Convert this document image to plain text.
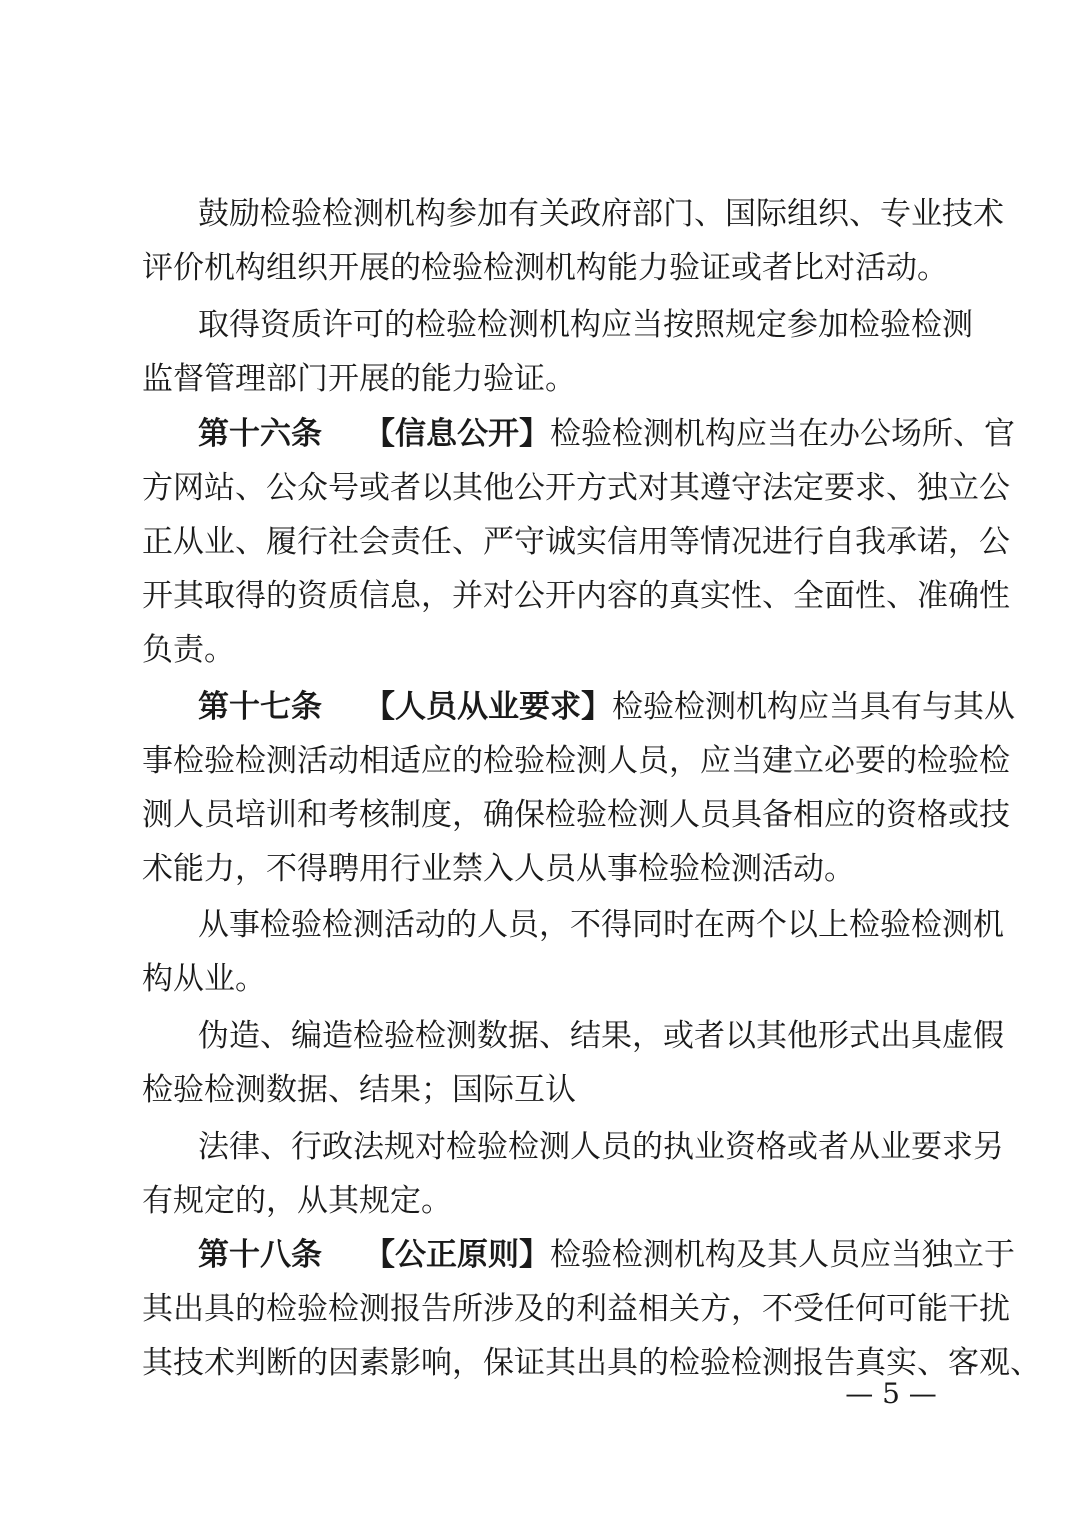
鼓励检验检测机构参加有关政府部门、国际组织、专业技术
评价机构组织开展的检验检测机构能力验证或者比对活动。
取得资质许可的检验检测机构应当按照规定参加检验检测
监督管理部门开展的能力验证。
第十六条 【信息公开】检验检测机构应当在办公场所、官
方网站、公众号或者以其他公开方式对其遵守法定要求、独立公
正从业、履行社会责任、严守诚实信用等情况进行自我承诺，公
开其取得的资质信息，并对公开内容的真实性、全面性、准确性
负责。
第十七条 【人员从业要求】检验检测机构应当具有与其从
事检验检测活动相适应的检验检测人员，应当建立必要的检验检
测人员培训和考核制度，确保检验检测人员具备相应的资格或技
术能力，不得聘用行业禁入人员从事检验检测活动。
从事检验检测活动的人员，不得同时在两个以上检验检测机
构从业。
伪造、编造检验检测数据、结果，或者以其他形式出具虚假
检验检测数据、结果；国际互认
法律、行政法规对检验检测人员的执业资格或者从业要求另
有规定的，从其规定。
第十八条 【公正原则】检验检测机构及其人员应当独立于
其出具的检验检测报告所涉及的利益相关方，不受任何可能干扰
其技术判断的因素影响，保证其出具的检验检测报告真实、客观、
— 5 —
